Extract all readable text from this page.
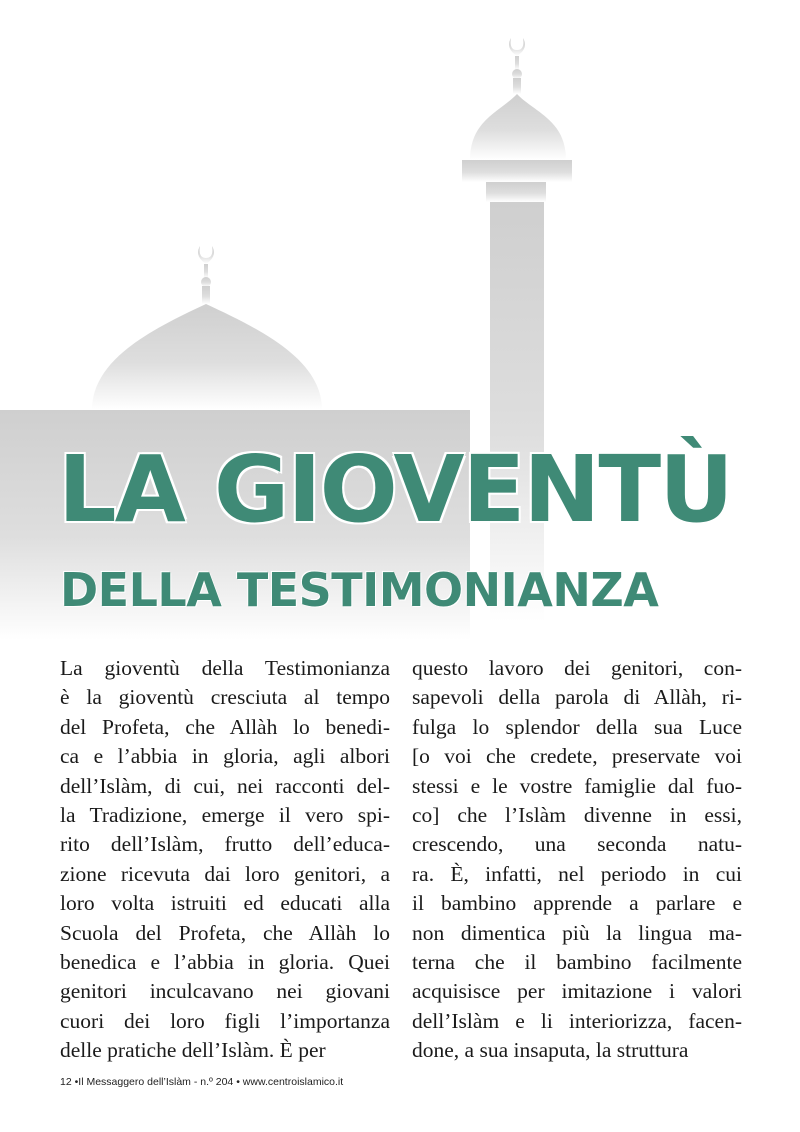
LA GIOVENTÙ
DELLA TESTIMONIANZA

La gioventù della Testimonianza
è la gioventù cresciuta al tempo
del Profeta, che Allàh lo benedi-
ca e l’abbia in gloria, agli albori
dell’Islàm, di cui, nei racconti del-
la Tradizione, emerge il vero spi-
rito dell’Islàm, frutto dell’educa-
zione ricevuta dai loro genitori, a
loro volta istruiti ed educati alla
Scuola del Profeta, che Allàh lo
benedica e l’abbia in gloria. Quei
genitori inculcavano nei giovani
cuori dei loro figli l’importanza
delle pratiche dell’Islàm. È per

questo lavoro dei genitori, con-
sapevoli della parola di Allàh, ri-
fulga lo splendor della sua Luce
[o voi che credete, preservate voi
stessi e le vostre famiglie dal fuo-
co] che l’Islàm divenne in essi,
crescendo, una seconda natu-
ra. È, infatti, nel periodo in cui
il bambino apprende a parlare e
non dimentica più la lingua ma-
terna che il bambino facilmente
acquisisce per imitazione i valori
dell’Islàm e li interiorizza, facen-
done, a sua insaputa, la struttura

12 •Il Messaggero dell’Islàm - n.º 204 • www.centroislamico.it
